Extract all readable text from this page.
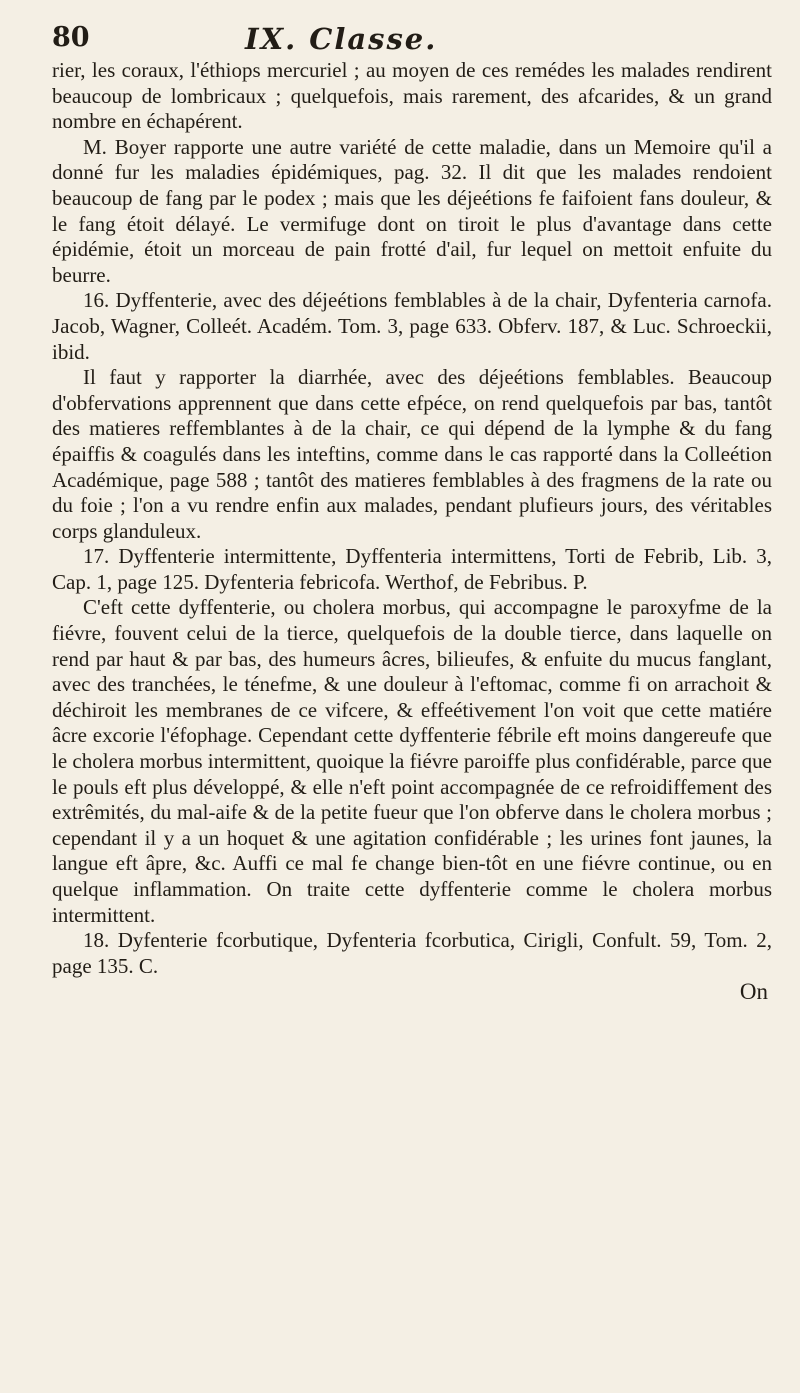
80	IX. Classe.

rier, les coraux, l'éthiops mercuriel ; au moyen de ces remédes les malades rendirent beaucoup de lombricaux ; quelquefois, mais rarement, des afcarides, & un grand nombre en échapérent.

M. Boyer rapporte une autre variété de cette maladie, dans un Memoire qu'il a donné fur les maladies épidémiques, pag. 32. Il dit que les malades rendoient beaucoup de fang par le podex ; mais que les déjeétions fe faifoient fans douleur, & le fang étoit délayé. Le vermifuge dont on tiroit le plus d'avantage dans cette épidémie, étoit un morceau de pain frotté d'ail, fur lequel on mettoit enfuite du beurre.

16. Dyffenterie, avec des déjeétions femblables à de la chair, Dyfenteria carnofa. Jacob, Wagner, Colleét. Académ. Tom. 3, page 633. Obferv. 187, & Luc. Schroeckii, ibid.

Il faut y rapporter la diarrhée, avec des déjeétions femblables. Beaucoup d'obfervations apprennent que dans cette efpéce, on rend quelquefois par bas, tantôt des matieres reffemblantes à de la chair, ce qui dépend de la lymphe & du fang épaiffis & coagulés dans les inteftins, comme dans le cas rapporté dans la Colleétion Académique, page 588 ; tantôt des matieres femblables à des fragmens de la rate ou du foie ; l'on a vu rendre enfin aux malades, pendant plufieurs jours, des véritables corps glanduleux.

17. Dyffenterie intermittente, Dyffenteria intermittens, Torti de Febrib, Lib. 3, Cap. 1, page 125. Dyfenteria febricofa. Werthof, de Febribus. P.

C'eft cette dyffenterie, ou cholera morbus, qui accompagne le paroxyfme de la fiévre, fouvent celui de la tierce, quelquefois de la double tierce, dans laquelle on rend par haut & par bas, des humeurs âcres, bilieufes, & enfuite du mucus fanglant, avec des tranchées, le ténefme, & une douleur à l'eftomac, comme fi on arrachoit & déchiroit les membranes de ce vifcere, & effeétivement l'on voit que cette matiére âcre excorie l'éfophage. Cependant cette dyffenterie fébrile eft moins dangereufe que le cholera morbus intermittent, quoique la fiévre paroiffe plus confidérable, parce que le pouls eft plus développé, & elle n'eft point accompagnée de ce refroidiffement des extrêmités, du mal-aife & de la petite fueur que l'on obferve dans le cholera morbus ; cependant il y a un hoquet & une agitation confidérable ; les urines font jaunes, la langue eft âpre, &c. Auffi ce mal fe change bien-tôt en une fiévre continue, ou en quelque inflammation. On traite cette dyffenterie comme le cholera morbus intermittent.

18. Dyfenterie fcorbutique, Dyfenteria fcorbutica, Cirigli, Confult. 59, Tom. 2, page 135. C.

On
